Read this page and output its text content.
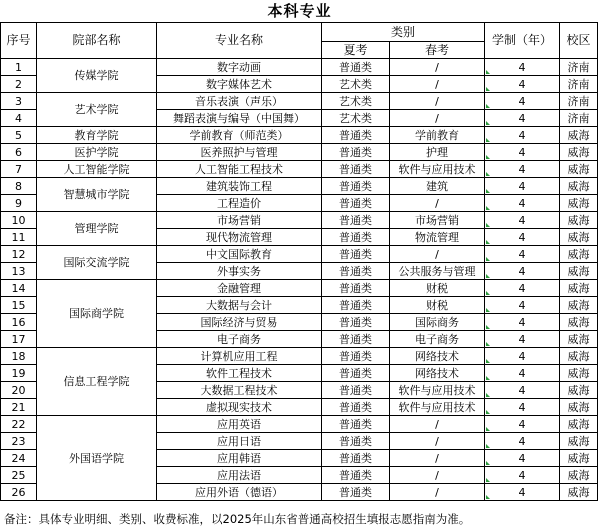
本科专业
序号	院部名称	专业名称	类别		学制（年）	校区
			夏考	春考		
1	传媒学院	数字动画	普通类	/	4	济南
2		数字媒体艺术	艺术类	/	4	济南
3	艺术学院	音乐表演（声乐）	艺术类	/	4	济南
4		舞蹈表演与编导（中国舞）	艺术类	/	4	济南
5	教育学院	学前教育（师范类）	普通类	学前教育	4	威海
6	医护学院	医养照护与管理	普通类	护理	4	威海
7	人工智能学院	人工智能工程技术	普通类	软件与应用技术	4	威海
8	智慧城市学院	建筑装饰工程	普通类	建筑	4	威海
9		工程造价	普通类	/	4	威海
10	管理学院	市场营销	普通类	市场营销	4	威海
11		现代物流管理	普通类	物流管理	4	威海
12	国际交流学院	中文国际教育	普通类	/	4	威海
13		外事实务	普通类	公共服务与管理	4	威海
14	国际商学院	金融管理	普通类	财税	4	威海
15		大数据与会计	普通类	财税	4	威海
16		国际经济与贸易	普通类	国际商务	4	威海
17		电子商务	普通类	电子商务	4	威海
18	信息工程学院	计算机应用工程	普通类	网络技术	4	威海
19		软件工程技术	普通类	网络技术	4	威海
20		大数据工程技术	普通类	软件与应用技术	4	威海
21		虚拟现实技术	普通类	软件与应用技术	4	威海
22	外国语学院	应用英语	普通类	/	4	威海
23		应用日语	普通类	/	4	威海
24		应用韩语	普通类	/	4	威海
25		应用法语	普通类	/	4	威海
26		应用外语（德语）	普通类	/	4	威海
备注：具体专业明细、类别、收费标准，以2025年山东省普通高校招生填报志愿指南为准。
